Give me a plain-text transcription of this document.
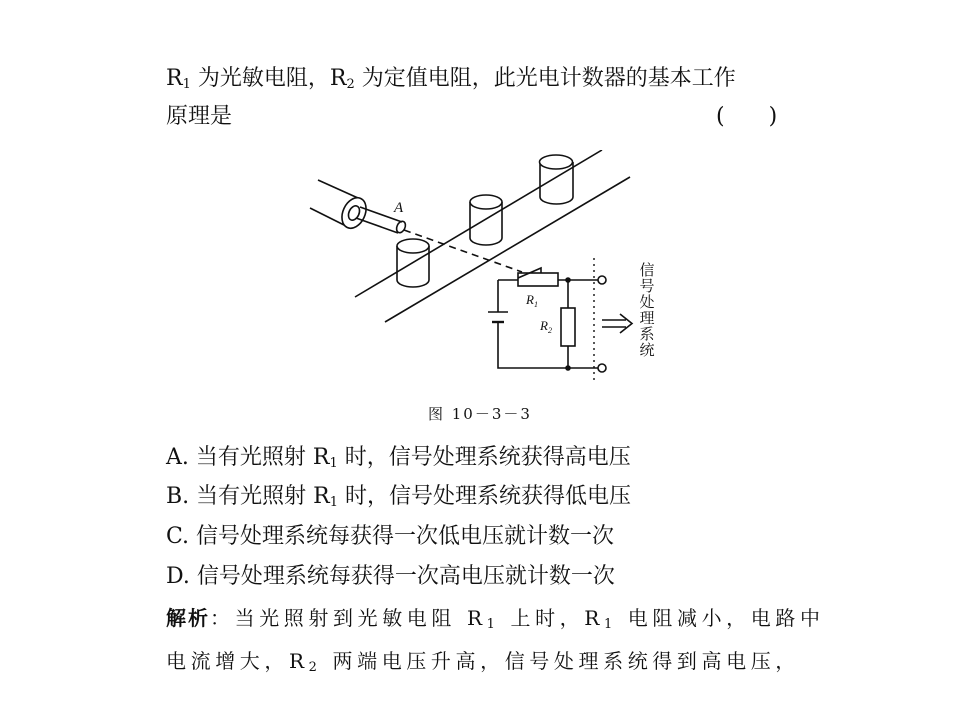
$R_1$ 为光敏电阻，$R_2$ 为定值电阻，此光电计数器的基本工作
原理是	(　　)
A
$R_1$
$R_2$
信
号
处
理
系
统
图 10－3－3
A. 当有光照射 $R_1$ 时，信号处理系统获得高电压
B. 当有光照射 $R_1$ 时，信号处理系统获得低电压
C. 信号处理系统每获得一次低电压就计数一次
D. 信号处理系统每获得一次高电压就计数一次
解析：当光照射到光敏电阻 $R_1$ 上时，$R_1$ 电阻减小，电路中
电流增大，$R_2$ 两端电压升高，信号处理系统得到高电压，
